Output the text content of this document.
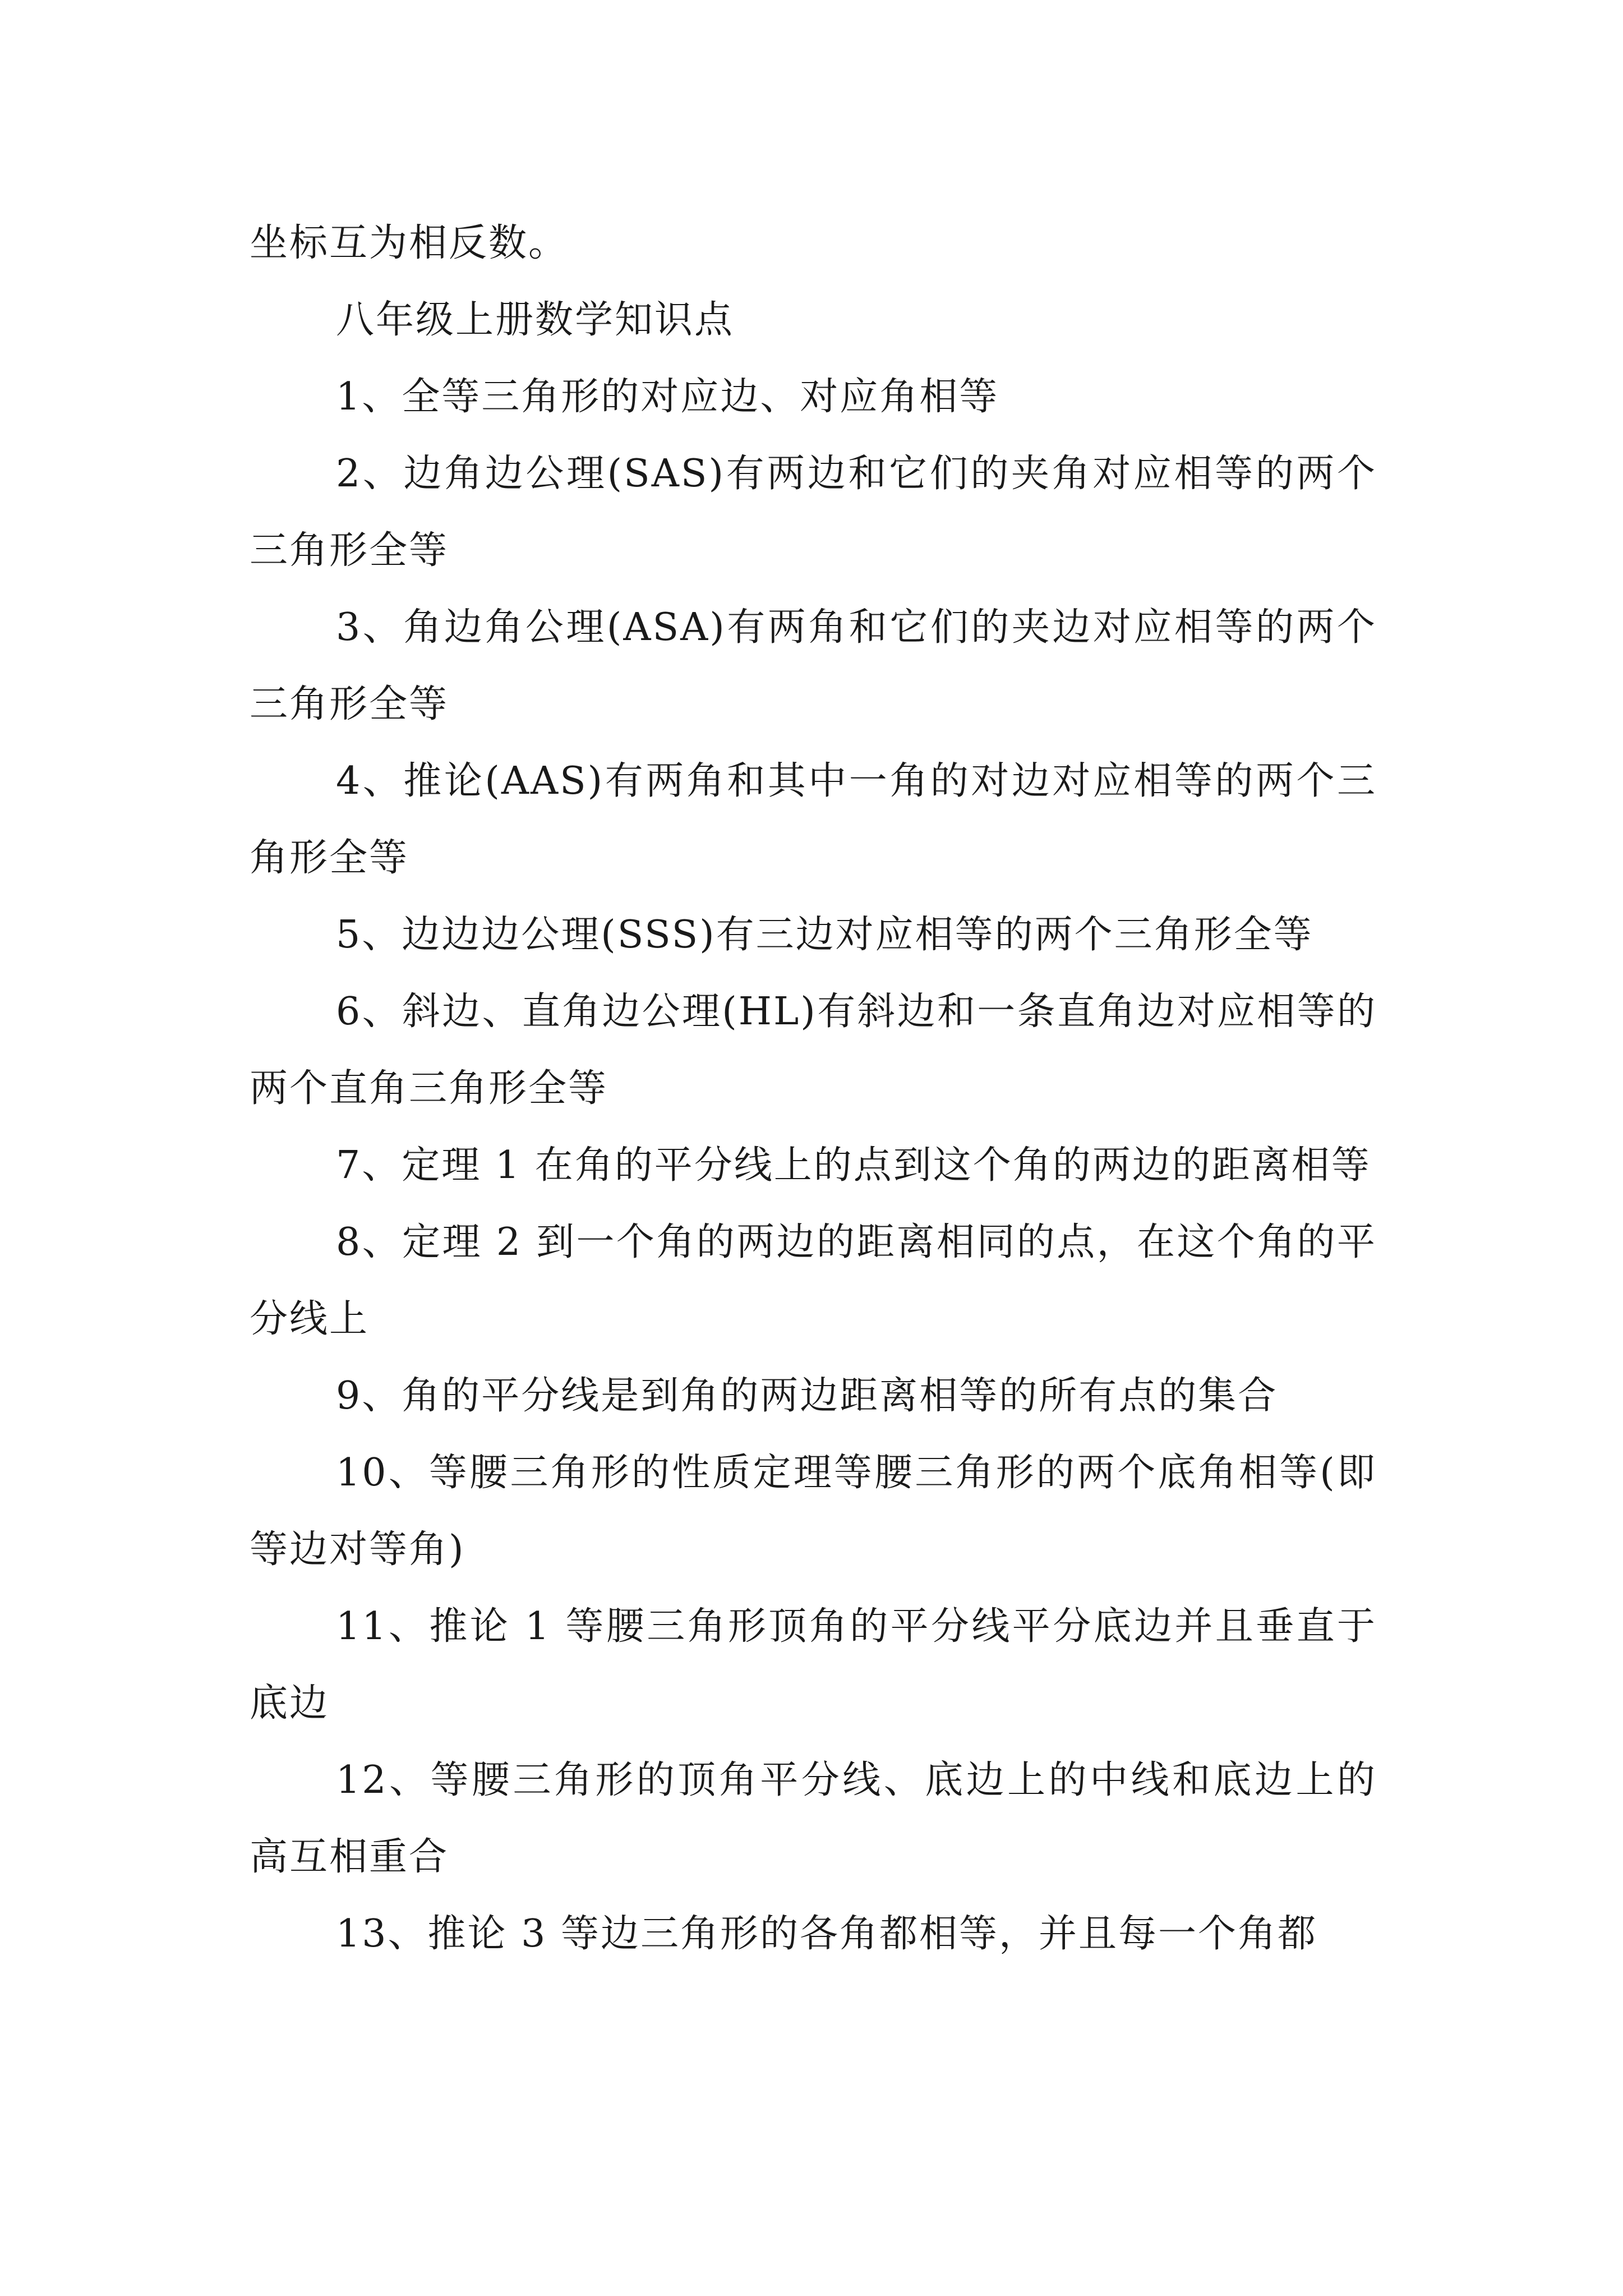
坐标互为相反数。

八年级上册数学知识点

1、全等三角形的对应边、对应角相等

2、边角边公理(SAS)有两边和它们的夹角对应相等的两个三角形全等

3、角边角公理(ASA)有两角和它们的夹边对应相等的两个三角形全等

4、推论(AAS)有两角和其中一角的对边对应相等的两个三角形全等

5、边边边公理(SSS)有三边对应相等的两个三角形全等

6、斜边、直角边公理(HL)有斜边和一条直角边对应相等的两个直角三角形全等

7、定理 1 在角的平分线上的点到这个角的两边的距离相等

8、定理 2 到一个角的两边的距离相同的点，在这个角的平分线上

9、角的平分线是到角的两边距离相等的所有点的集合

10、等腰三角形的性质定理等腰三角形的两个底角相等(即等边对等角)

11、推论 1 等腰三角形顶角的平分线平分底边并且垂直于底边

12、等腰三角形的顶角平分线、底边上的中线和底边上的高互相重合

13、推论 3 等边三角形的各角都相等，并且每一个角都
